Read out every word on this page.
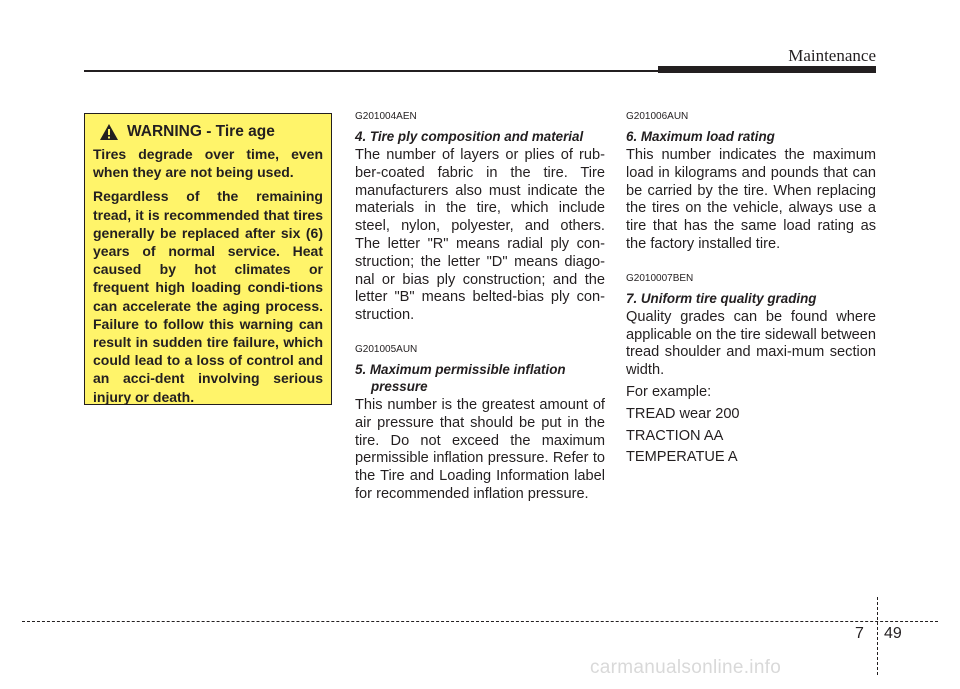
Maintenance
WARNING - Tire age

Tires degrade over time, even when they are not being used.

Regardless of the remaining tread, it is recommended that tires generally be replaced after six (6) years of normal service. Heat caused by hot climates or frequent high loading condi-tions can accelerate the aging process. Failure to follow this warning can result in sudden tire failure, which could lead to a loss of control and an acci-dent involving serious injury or death.

G201004AEN
4. Tire ply composition and material

The number of layers or plies of rub-ber-coated fabric in the tire. Tire manufacturers also must indicate the materials in the tire, which include steel, nylon, polyester, and others. The letter "R" means radial ply con-struction; the letter "D" means diago-nal or bias ply construction; and the letter "B" means belted-bias ply con-struction.

G201005AUN
5. Maximum permissible inflation
pressure

This number is the greatest amount of air pressure that should be put in the tire. Do not exceed the maximum permissible inflation pressure. Refer to the Tire and Loading Information label for recommended inflation pressure.

G201006AUN
6. Maximum load rating

This number indicates the maximum load in kilograms and pounds that can be carried by the tire. When replacing the tires on the vehicle, always use a tire that has the same load rating as the factory installed tire.

G2010007BEN
7. Uniform tire quality grading

Quality grades can be found where applicable on the tire sidewall between tread shoulder and maxi-mum section width.

For example:

TREAD wear 200

TRACTION AA

TEMPERATUE A

7 49
carmanualsonline.info
